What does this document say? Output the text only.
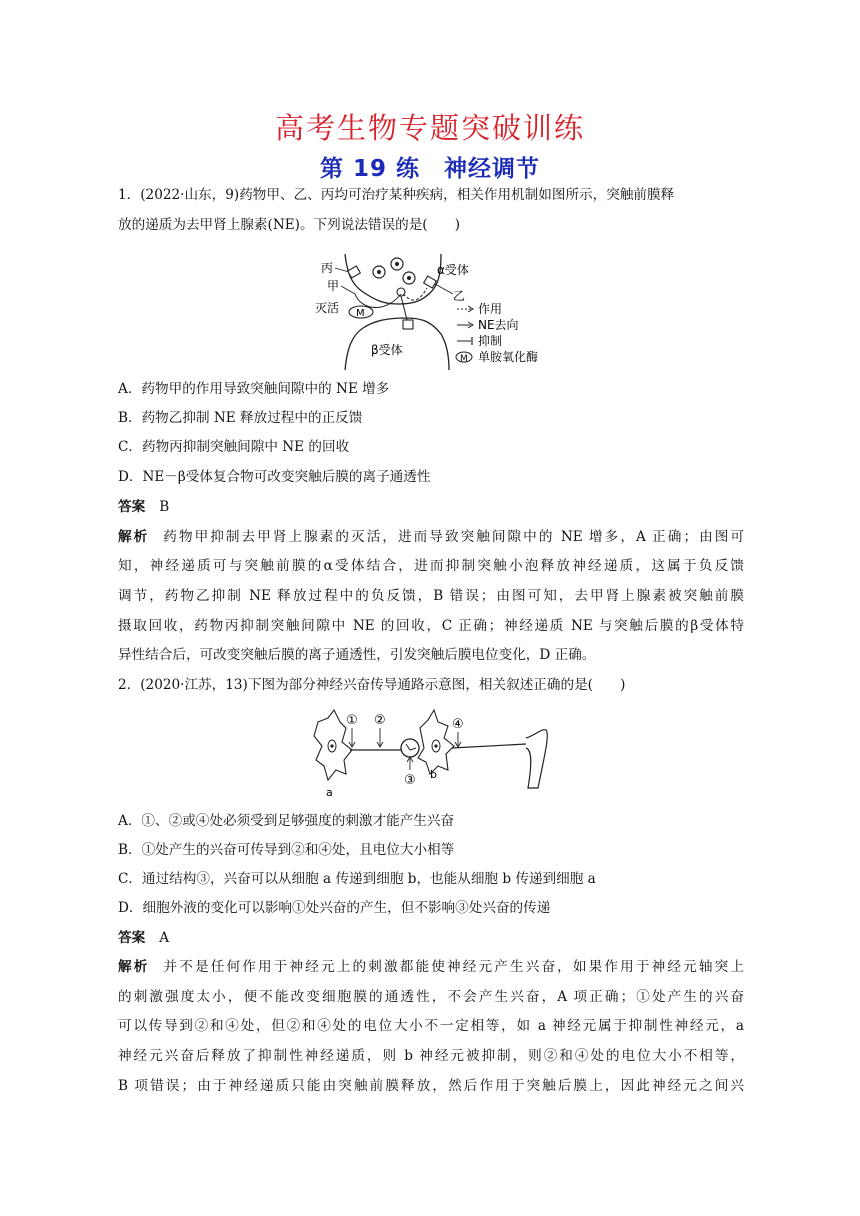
高考生物专题突破训练
第 19 练　神经调节
1．(2022·山东，9)药物甲、乙、丙均可治疗某种疾病，相关作用机制如图所示，突触前膜释
放的递质为去甲肾上腺素(NE)。下列说法错误的是(　　)
M
丙
甲
灭活
α受体
乙
β受体
作用
NE去向
抑制
M 单胺氧化酶
A．药物甲的作用导致突触间隙中的 NE 增多
B．药物乙抑制 NE 释放过程中的正反馈
C．药物丙抑制突触间隙中 NE 的回收
D．NE－β受体复合物可改变突触后膜的离子通透性
答案 B
解析 药物甲抑制去甲肾上腺素的灭活，进而导致突触间隙中的 NE 增多，A 正确；由图可
知，神经递质可与突触前膜的α受体结合，进而抑制突触小泡释放神经递质，这属于负反馈
调节，药物乙抑制 NE 释放过程中的负反馈，B 错误；由图可知，去甲肾上腺素被突触前膜
摄取回收，药物丙抑制突触间隙中 NE 的回收，C 正确；神经递质 NE 与突触后膜的β受体特
异性结合后，可改变突触后膜的离子通透性，引发突触后膜电位变化，D 正确。
2．(2020·江苏，13)下图为部分神经兴奋传导通路示意图，相关叙述正确的是(　　)
a
b
① ②
③
④
A．①、②或④处必须受到足够强度的刺激才能产生兴奋
B．①处产生的兴奋可传导到②和④处，且电位大小相等
C．通过结构③，兴奋可以从细胞 a 传递到细胞 b，也能从细胞 b 传递到细胞 a
D．细胞外液的变化可以影响①处兴奋的产生，但不影响③处兴奋的传递
答案 A
解析 并不是任何作用于神经元上的刺激都能使神经元产生兴奋，如果作用于神经元轴突上
的刺激强度太小，便不能改变细胞膜的通透性，不会产生兴奋，A 项正确；①处产生的兴奋
可以传导到②和④处，但②和④处的电位大小不一定相等，如 a 神经元属于抑制性神经元，a
神经元兴奋后释放了抑制性神经递质，则 b 神经元被抑制，则②和④处的电位大小不相等，
B 项错误；由于神经递质只能由突触前膜释放，然后作用于突触后膜上，因此神经元之间兴
